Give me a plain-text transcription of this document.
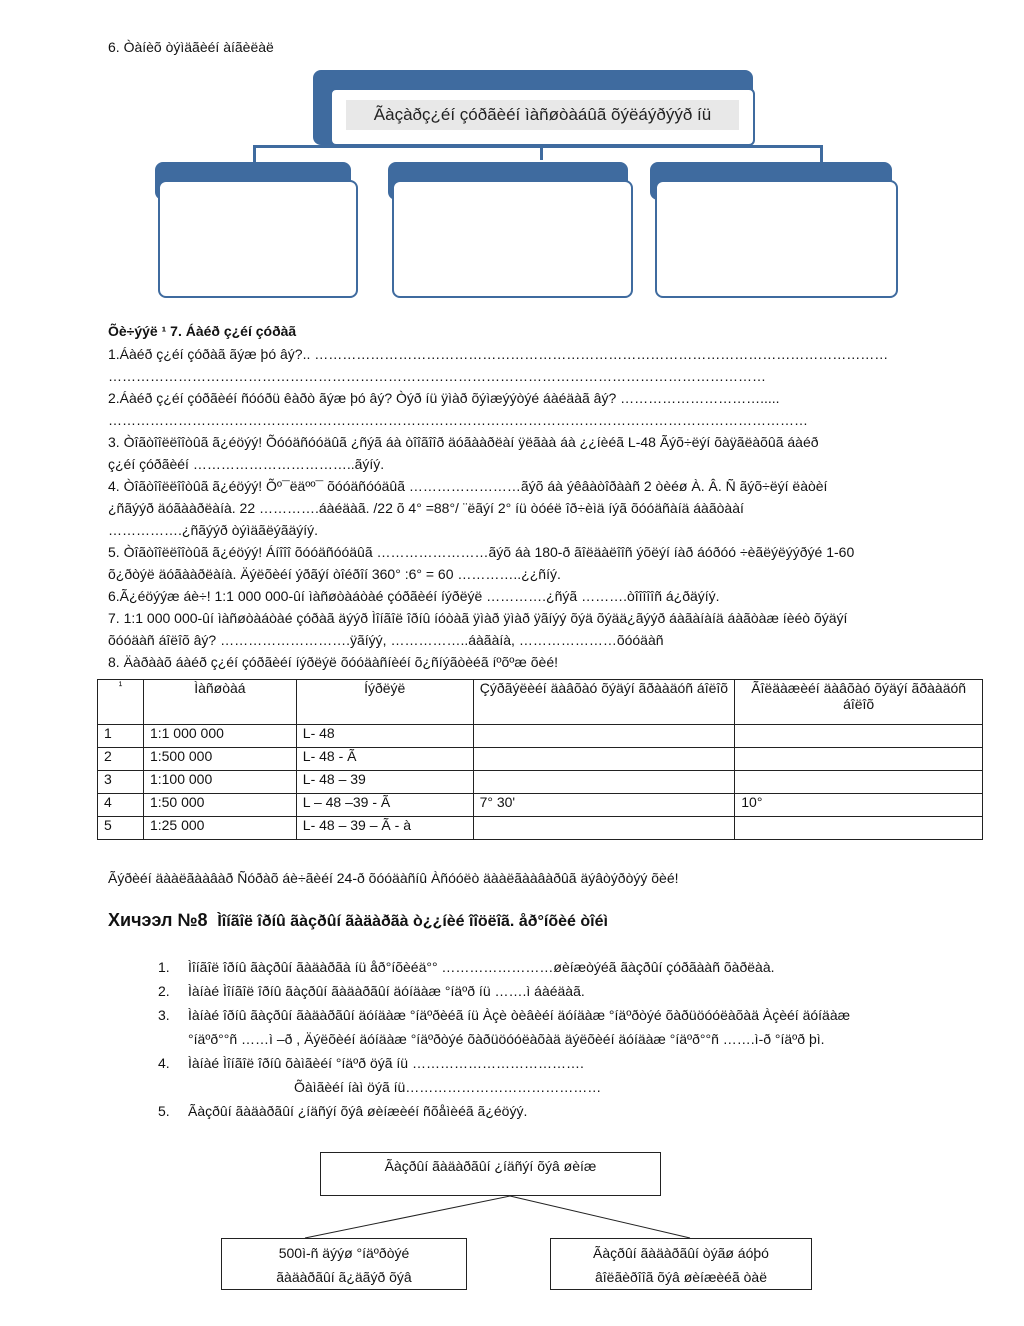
6. Òàíèõ òýìäãèéí àíãèëàë
Ãàçàðç¿éí çóðãèéí ìàñøòàáûã õýëáýðýýð íü
Õè÷ýýë ¹ 7. Áàéð ç¿éí çóðàã
1.Áàéð ç¿éí çóðàã ãýæ þó âý?.. ……………………………………………………………………………………………………………
……………………………………………………………………………………………………………………………
2.Áàéð ç¿éí çóðãèéí ñóóðü êàðò ãýæ þó âý? Òýð íü ÿìàð õýìæýýòýé áàéäàã âý? ………………………….....
……………………………………………………………………………………………………………………………………
3. Òîãòîîëëîîòûã ã¿éöýý! Õóóäñóóäûã ¿ñýã áà òîîãîîð äóãààðëàí ÿëãàà áà ¿¿íèéã L-48 Ãýõ÷ëýí õàÿãëàõûã áàéð
ç¿éí çóðãèéí ……………………………..ãýíý.
4. Òîãòîîëëîîòûã ã¿éöýý! Õº¯ëäºº¯ õóóäñóóäûã ……………………ãýõ áà ýêâàòîðààñ 2 òèéø À. Â. Ñ ãýõ÷ëýí ëàòèí
¿ñãýýð äóãààðëàíà. 22 ………….áàéäàã. /22 õ 4° =88°/ ¨ëãýí 2° íü òóéë îð÷èìä íýã õóóäñàíä áàãòààí
…………….¿ñãýýð òýìäãëýãäýíý.
5. Òîãòîîëëîîòûã ã¿éöýý! Áíîîî õóóäñóóäûã ……………………ãýõ áà 180-ð ãîëäàëîîñ ýõëýí íàð áóðóó ÷èãëýëýýðýé 1-60
õ¿ðòýë äóãààðëàíà. Äýëõèéí ýðãýí òîéðîí 360° :6° = 60 …………..¿¿ñíý.
6.Ã¿éöýýæ áè÷! 1:1 000 000-ûí ìàñøòàáòàé çóðãèéí íýðëýë ………….¿ñýã ……….òîîîîîñ á¿ðäýíý.
7. 1:1 000 000-ûí ìàñøòàáòàé çóðàã äýýð Ìîíãîë îðíû íóòàã ÿìàð ÿìàð ÿãíýý õýä õýää¿ãýýð áàãàíàíä áàãòàæ íèéò õýäýí
õóóäàñ áîëîõ âý? ……………………….ÿãíýý, ……………..áàãàíà, …………………õóóäàñ
8. Äàðààõ áàéð ç¿éí çóðãèéí íýðëýë õóóäàñíèéí õ¿ñíýãòèéã íºõºæ õèé!
¹	Ìàñøòàá	Íýðëýë	Çýðãýëèéí äàâõàó õýäýí ãðààäóñ áîëîõ	Ãîëäàæèéí äàâõàó õýäýí ãðààäóñ áîëîõ
1	1:1 000 000	L- 48		
2	1:500 000	L- 48 - Ã		
3	1:100 000	L- 48 – 39		
4	1:50 000	L – 48 –39 - Ã	7° 30'	10°
5	1:25 000	L- 48 – 39 – Ã - à		
Ãýðèéí äààëãààâàð Ñóðàõ áè÷ãèéí 24-ð õóóäàñíû Àñóóëò äààëãààâàðûã äýâòýðòýý õèé!
Хичээл №8 Ìîíãîë îðíû ãàçðûí ãàäàðãà ò¿¿íèé îîöëîã. åð°íõèé òîéì
1.	Ìîíãîë îðíû ãàçðûí ãàäàðãà íü åð°íõèéä°° ……………………øèíæòýéã ãàçðûí çóðãààñ õàðëàà.
2.	Ìàíàé Ìîíãîë îðíû ãàçðûí ãàäàðãûí äóíäàæ °íäºð íü …….ì áàéäàã.
3.	Ìàíàé îðíû ãàçðûí ãàäàðãûí äóíäàæ °íäºðèéã íü Àçè òèâèéí äóíäàæ °íäºðòýé õàðüöóóëàõàä Àçèéí äóíäàæ
°íäºð°°ñ ……ì –ð , Äýëõèéí äóíäàæ °íäºðòýé õàðüöóóëàõàä äýëõèéí äóíäàæ °íäºð°°ñ …….ì-ð °íäºð þì.
4.	Ìàíàé Ìîíãîë îðíû õàìãèéí °íäºð öýã íü ……………………………….
Õàìãèéí íàì öýã íü……………………………………
5.	Ãàçðûí ãàäàðãûí ¿íäñýí õýâ øèíæèéí ñõåìèéã ã¿éöýý.
Ãàçðûí ãàäàðãûí ¿íäñýí õýâ øèíæ
500ì-ñ äýýø °íäºðòýé
ãàäàðãûí ã¿äãýð õýâ
Ãàçðûí ãàäàðãûí òýãø áóþó
âîëãèðîîã õýâ øèíæèéã òàë
